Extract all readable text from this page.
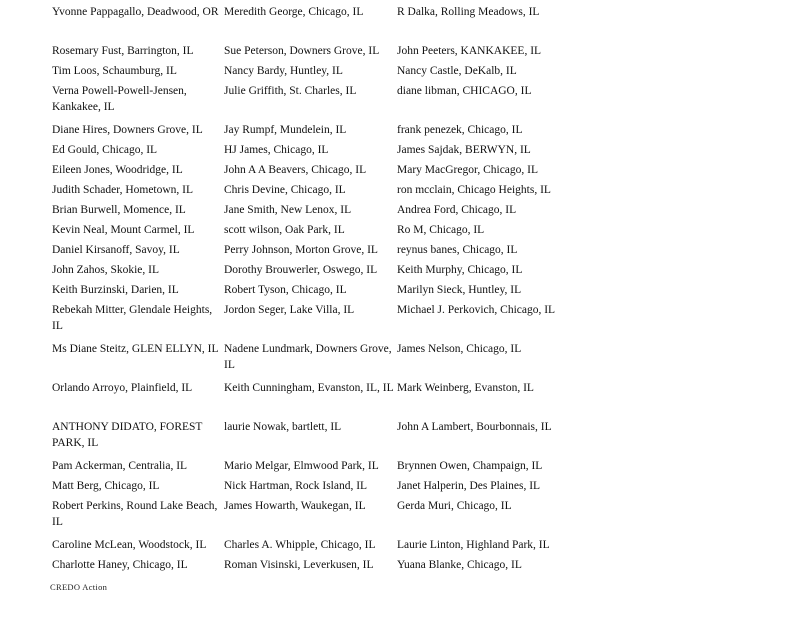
Yvonne Pappagallo, Deadwood, OR	Meredith George, Chicago, IL	R Dalka, Rolling Meadows, IL
Rosemary Fust, Barrington, IL	Sue Peterson, Downers Grove, IL	John Peeters, KANKAKEE, IL
Tim Loos, Schaumburg, IL	Nancy Bardy, Huntley, IL	Nancy Castle, DeKalb, IL
Verna Powell-Powell-Jensen, Kankakee, IL	Julie Griffith, St. Charles, IL	diane libman, CHICAGO, IL
Diane Hires, Downers Grove, IL	Jay Rumpf, Mundelein, IL	frank penezek, Chicago, IL
Ed Gould, Chicago, IL	HJ James, Chicago, IL	James Sajdak, BERWYN, IL
Eileen Jones, Woodridge, IL	John A A Beavers, Chicago, IL	Mary MacGregor, Chicago, IL
Judith Schader, Hometown, IL	Chris Devine, Chicago, IL	ron mcclain, Chicago Heights, IL
Brian Burwell, Momence, IL	Jane Smith, New Lenox, IL	Andrea Ford, Chicago, IL
Kevin Neal, Mount Carmel, IL	scott wilson, Oak Park, IL	Ro M, Chicago, IL
Daniel Kirsanoff, Savoy, IL	Perry Johnson, Morton Grove, IL	reynus banes, Chicago, IL
John Zahos, Skokie, IL	Dorothy Brouwerler, Oswego, IL	Keith Murphy, Chicago, IL
Keith Burzinski, Darien, IL	Robert Tyson, Chicago, IL	Marilyn Sieck, Huntley, IL
Rebekah Mitter, Glendale Heights, IL	Jordon Seger, Lake Villa, IL	Michael J. Perkovich, Chicago, IL
Ms Diane Steitz, GLEN ELLYN, IL	Nadene Lundmark, Downers Grove, IL	James Nelson, Chicago, IL
Orlando Arroyo, Plainfield, IL	Keith Cunningham, Evanston, IL, IL	Mark Weinberg, Evanston, IL
ANTHONY DIDATO, FOREST PARK, IL	laurie Nowak, bartlett, IL	John A Lambert, Bourbonnais, IL
Pam Ackerman, Centralia, IL	Mario Melgar, Elmwood Park, IL	Brynnen Owen, Champaign, IL
Matt Berg, Chicago, IL	Nick Hartman, Rock Island, IL	Janet Halperin, Des Plaines, IL
Robert Perkins, Round Lake Beach, IL	James Howarth, Waukegan, IL	Gerda Muri, Chicago, IL
Caroline McLean, Woodstock, IL	Charles A. Whipple, Chicago, IL	Laurie Linton, Highland Park, IL
Charlotte Haney, Chicago, IL	Roman Visinski, Leverkusen, IL	Yuana Blanke, Chicago, IL
CREDO Action
